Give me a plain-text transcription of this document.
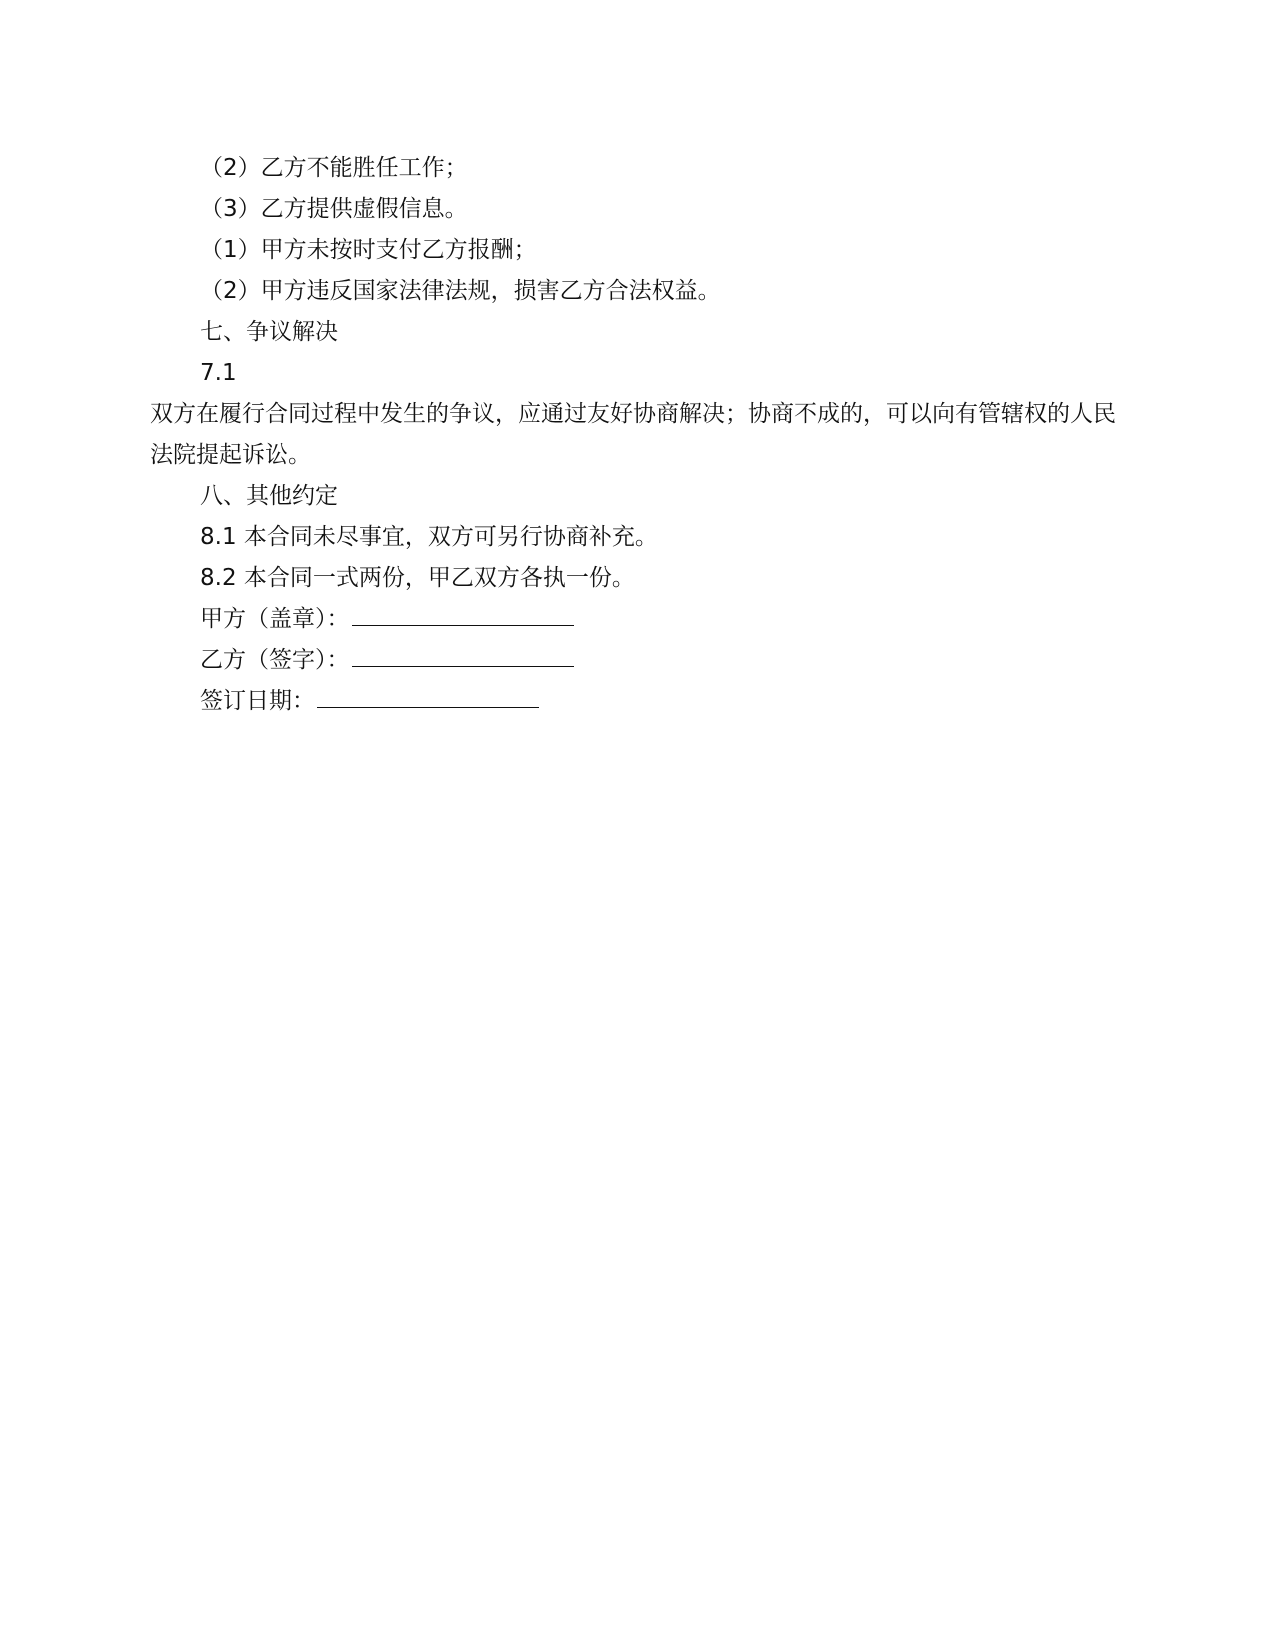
（2）乙方不能胜任工作；

（3）乙方提供虚假信息。

（1）甲方未按时支付乙方报酬；

（2）甲方违反国家法律法规，损害乙方合法权益。

七、争议解决

7.1

双方在履行合同过程中发生的争议，应通过友好协商解决；协商不成的，可以向有管辖权的人民法院提起诉讼。

八、其他约定

8.1 本合同未尽事宜，双方可另行协商补充。

8.2 本合同一式两份，甲乙双方各执一份。

甲方（盖章）：

乙方（签字）：

签订日期：
